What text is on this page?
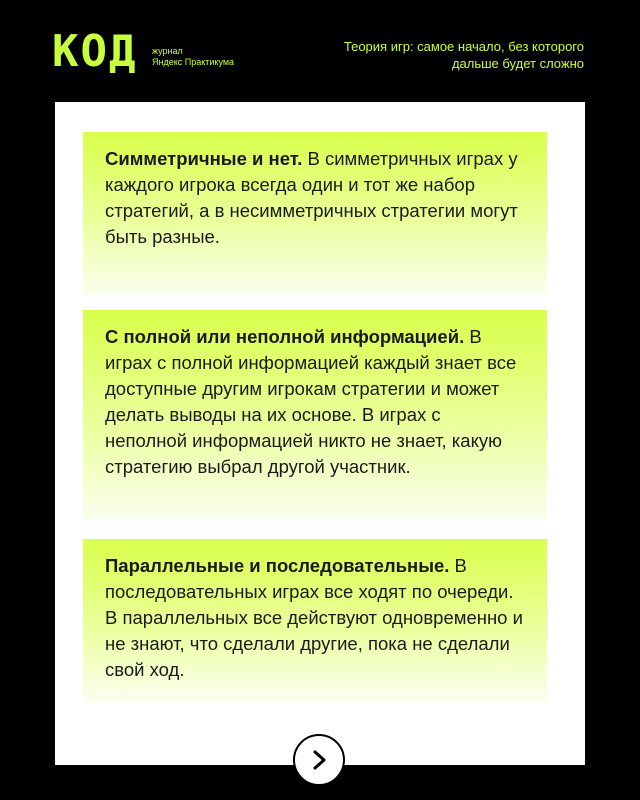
КОД журнал
Яндекс Практикума
Теория игр: самое начало, без которого
дальше будет сложно

Симметричные и нет. В симметричных играх у каждого игрока всегда один и тот же набор стратегий, а в несимметричных стратегии могут быть разные.

С полной или неполной информацией. В играх с полной информацией каждый знает все доступные другим игрокам стратегии и может делать выводы на их основе. В играх с неполной информацией никто не знает, какую стратегию выбрал другой участник.

Параллельные и последовательные. В последовательных играх все ходят по очереди. В параллельных все действуют одновременно и не знают, что сделали другие, пока не сделали свой ход.
